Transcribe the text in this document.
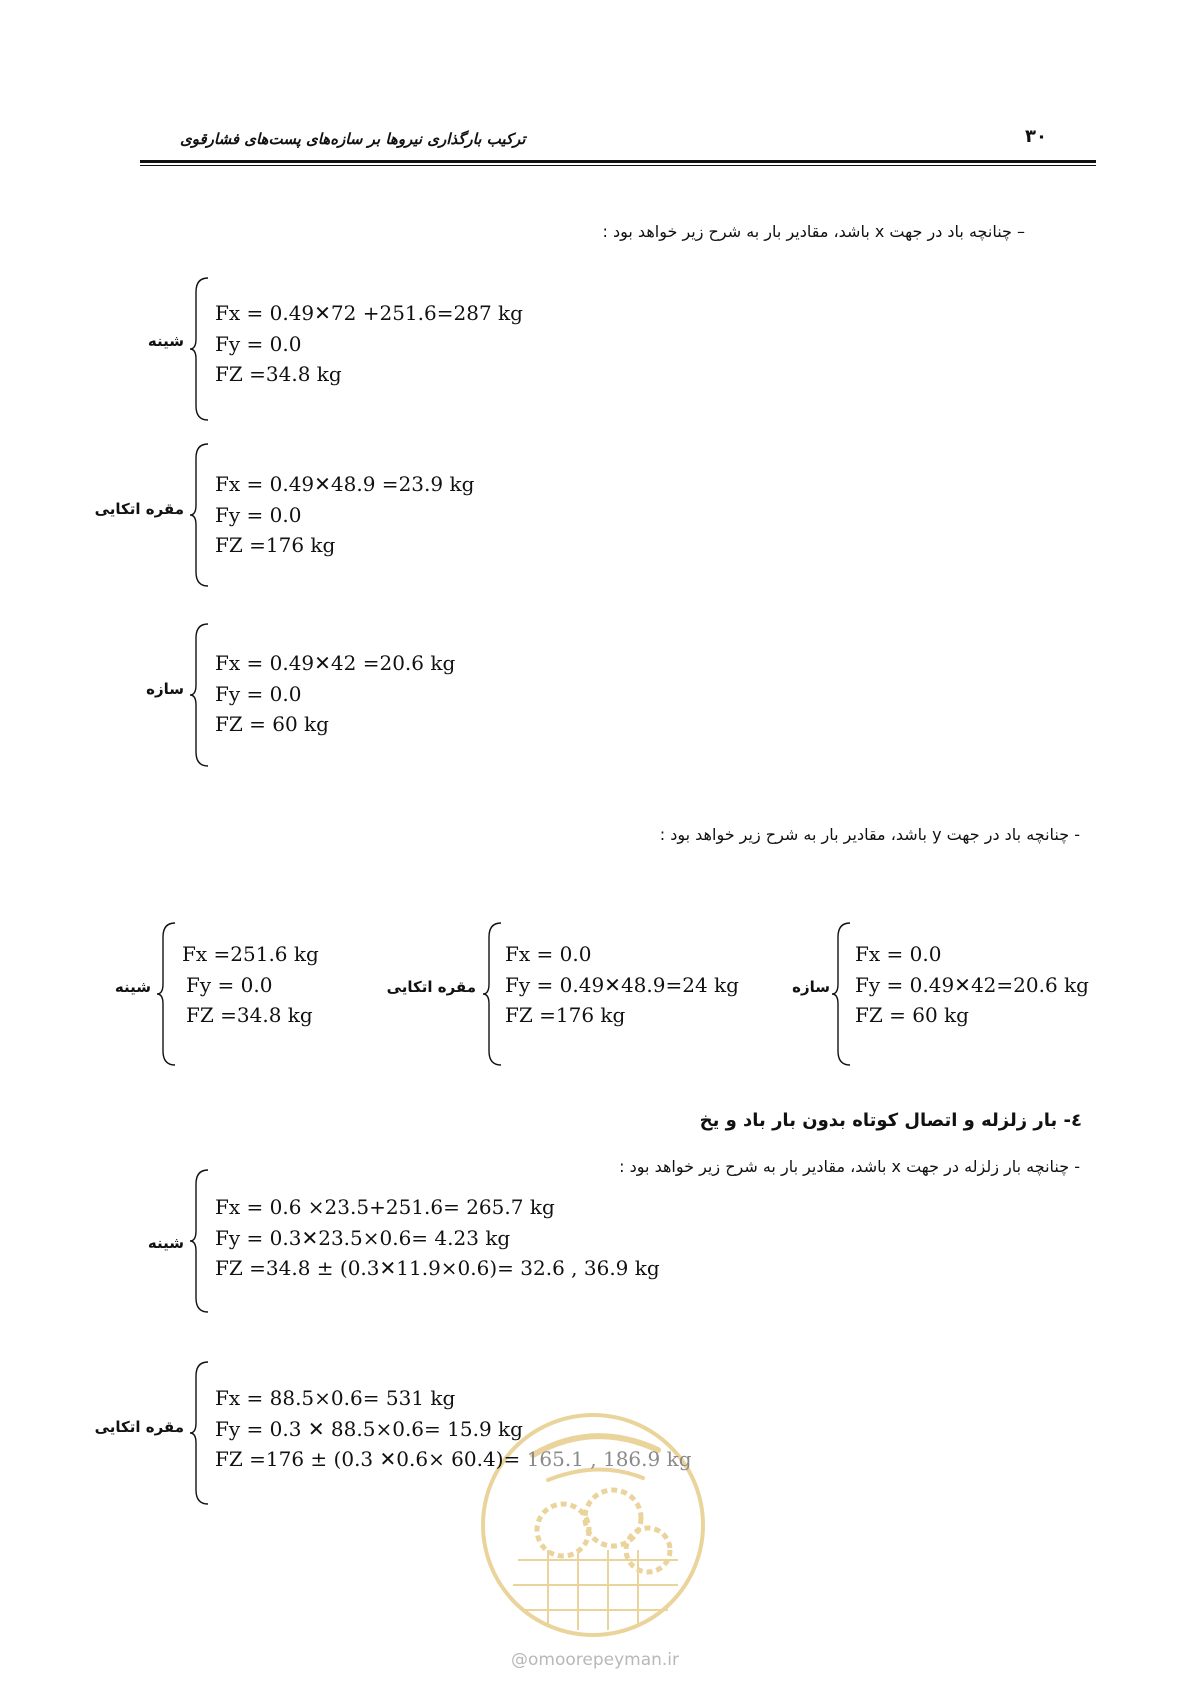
ترکیب بارگذاری نیروها بر سازه‌های پست‌های فشارقوی	۳۰
– چنانچه باد در جهت x باشد، مقادیر بار به شرح زیر خواهد بود :
شینه
Fx = 0.49✕72 +251.6=287 kg
Fy = 0.0
FZ =34.8 kg
مقره اتکایی
Fx = 0.49✕48.9 =23.9 kg
Fy = 0.0
FZ =176 kg
سازه
Fx = 0.49✕42 =20.6 kg
Fy = 0.0
FZ = 60 kg
- چنانچه باد در جهت y باشد، مقادیر بار به شرح زیر خواهد بود :
شینه
Fx =251.6 kg
Fy = 0.0
FZ =34.8 kg
مقره اتکایی
Fx = 0.0
Fy = 0.49✕48.9=24 kg
FZ =176 kg
سازه
Fx = 0.0
Fy = 0.49✕42=20.6 kg
FZ = 60 kg
٤- بار زلزله و اتصال کوتاه بدون بار باد و یخ
- چنانچه بار زلزله در جهت x باشد، مقادیر بار به شرح زیر خواهد بود :
شینه
Fx = 0.6 ×23.5+251.6= 265.7 kg
Fy = 0.3✕23.5×0.6= 4.23 kg
FZ =34.8 ± (0.3✕11.9×0.6)= 32.6 , 36.9 kg
مقره اتکایی
Fx = 88.5×0.6= 531 kg
Fy = 0.3 ✕ 88.5×0.6= 15.9 kg
FZ =176 ± (0.3 ✕0.6× 60.4)= 165.1 , 186.9 kg
@omoorepeyman.ir
